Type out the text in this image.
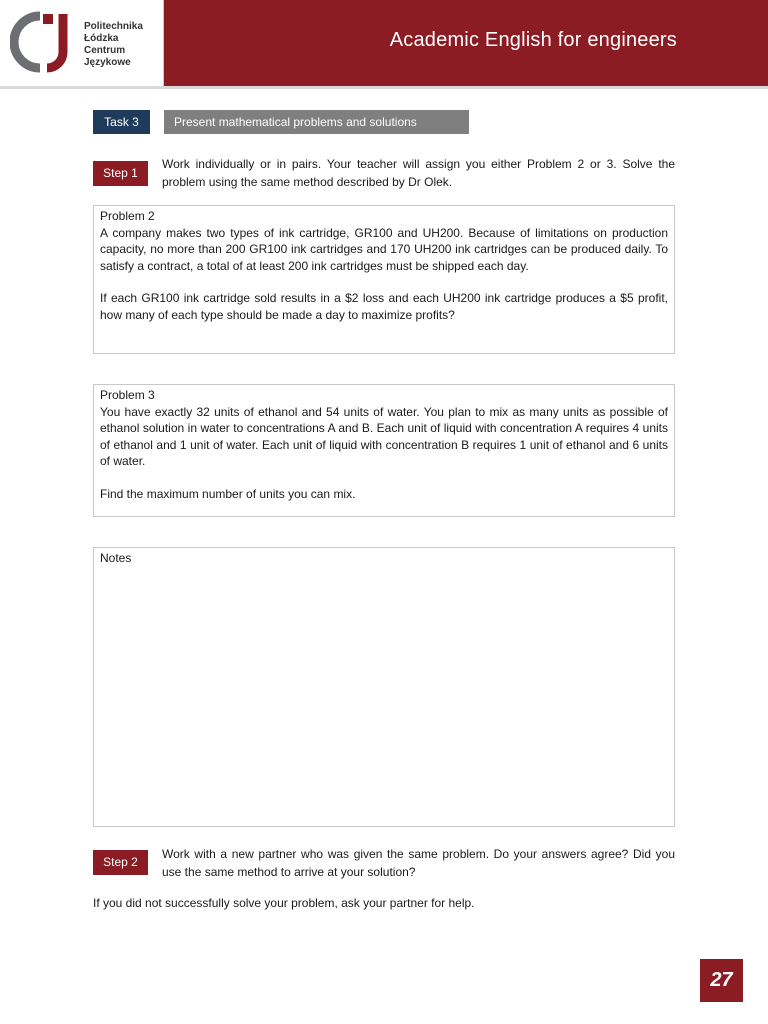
Politechnika
Łódzka
Centrum
Językowe
Academic English for engineers
Task 3	Present mathematical problems and solutions
Step 1
Work individually or in pairs. Your teacher will assign you either Problem 2 or 3. Solve the problem using the same method described by Dr Olek.
Problem 2

A company makes two types of ink cartridge, GR100 and UH200. Because of limitations on production capacity, no more than 200 GR100 ink cartridges and 170 UH200 ink cartridges can be produced daily. To satisfy a contract, a total of at least 200 ink cartridges must be shipped each day.

If each GR100 ink cartridge sold results in a $2 loss and each UH200 ink cartridge produces a $5 profit, how many of each type should be made a day to maximize profits?

Problem 3

You have exactly 32 units of ethanol and 54 units of water. You plan to mix as many units as possible of ethanol solution in water to concentrations A and B. Each unit of liquid with concentration A requires 4 units of ethanol and 1 unit of water. Each unit of liquid with concentration B requires 1 unit of ethanol and 6 units of water.

Find the maximum number of units you can mix.

Notes
Step 2
Work with a new partner who was given the same problem. Do your answers agree? Did you use the same method to arrive at your solution?
If you did not successfully solve your problem, ask your partner for help.
27
